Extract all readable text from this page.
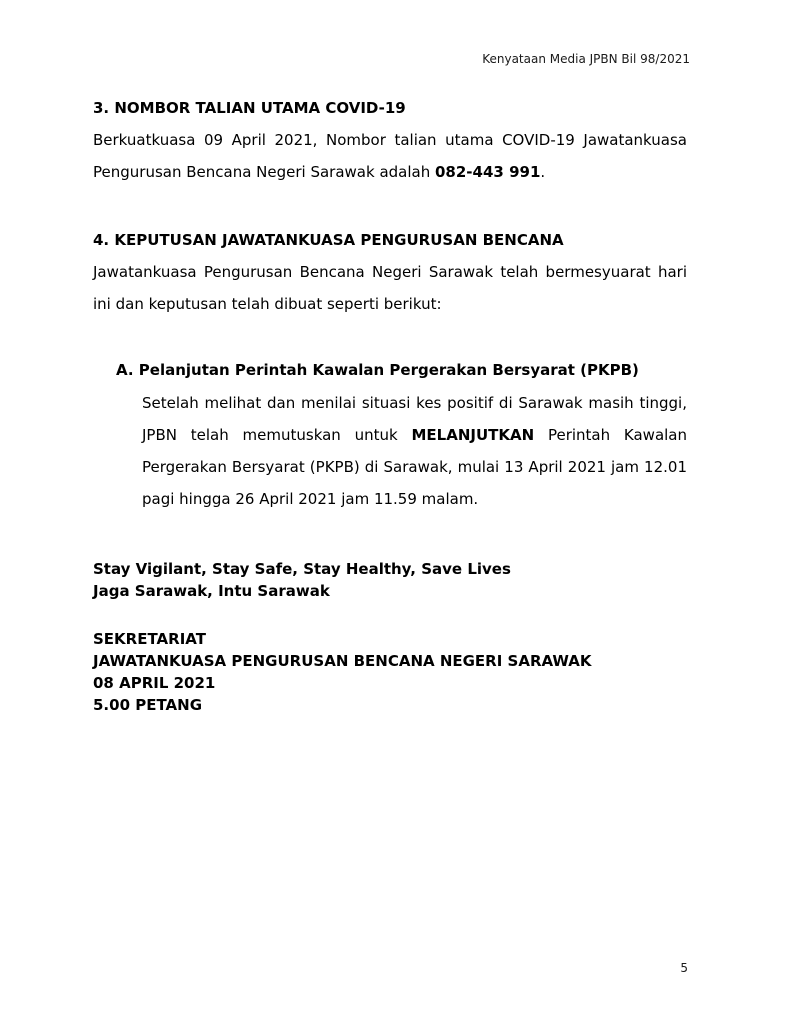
Kenyataan Media JPBN Bil 98/2021
3. NOMBOR TALIAN UTAMA COVID-19

Berkuatkuasa 09 April 2021, Nombor talian utama COVID-19 Jawatankuasa Pengurusan Bencana Negeri Sarawak adalah 082-443 991.

4. KEPUTUSAN JAWATANKUASA PENGURUSAN BENCANA

Jawatankuasa Pengurusan Bencana Negeri Sarawak telah bermesyuarat hari ini dan keputusan telah dibuat seperti berikut:

A. Pelanjutan Perintah Kawalan Pergerakan Bersyarat (PKPB)

Setelah melihat dan menilai situasi kes positif di Sarawak masih tinggi, JPBN telah memutuskan untuk MELANJUTKAN Perintah Kawalan Pergerakan Bersyarat (PKPB) di Sarawak, mulai 13 April 2021 jam 12.01 pagi hingga 26 April 2021 jam 11.59 malam.

Stay Vigilant, Stay Safe, Stay Healthy, Save Lives
Jaga Sarawak, Intu Sarawak
SEKRETARIAT
JAWATANKUASA PENGURUSAN BENCANA NEGERI SARAWAK
08 APRIL 2021
5.00 PETANG
5
